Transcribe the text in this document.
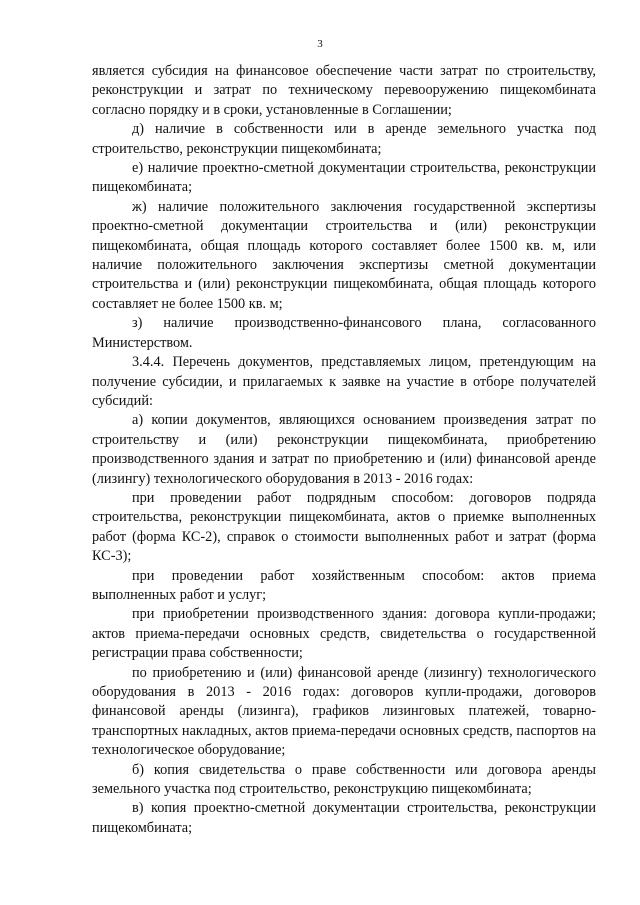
3

является субсидия на финансовое обеспечение части затрат по строительству, реконструкции и затрат по техническому перевооружению пищекомбината согласно порядку и в сроки, установленные в Соглашении;

д) наличие в собственности или в аренде земельного участка под строительство, реконструкции пищекомбината;

е) наличие проектно-сметной документации строительства, реконструкции пищекомбината;

ж) наличие положительного заключения государственной экспертизы проектно-сметной документации строительства и (или) реконструкции пищекомбината, общая площадь которого составляет более 1500 кв. м, или наличие положительного заключения экспертизы сметной документации строительства и (или) реконструкции пищекомбината, общая площадь которого составляет не более 1500 кв. м;

з) наличие производственно-финансового плана, согласованного Министерством.

3.4.4. Перечень документов, представляемых лицом, претендующим на получение субсидии, и прилагаемых к заявке на участие в отборе получателей субсидий:

а) копии документов, являющихся основанием произведения затрат по строительству и (или) реконструкции пищекомбината, приобретению производственного здания и затрат по приобретению и (или) финансовой аренде (лизингу) технологического оборудования в 2013 - 2016 годах:

при проведении работ подрядным способом: договоров подряда строительства, реконструкции пищекомбината, актов о приемке выполненных работ (форма КС-2), справок о стоимости выполненных работ и затрат (форма КС-3);

при проведении работ хозяйственным способом: актов приема выполненных работ и услуг;

при приобретении производственного здания: договора купли-продажи; актов приема-передачи основных средств, свидетельства о государственной регистрации права собственности;

по приобретению и (или) финансовой аренде (лизингу) технологического оборудования в 2013 - 2016 годах: договоров купли-продажи, договоров финансовой аренды (лизинга), графиков лизинговых платежей, товарно-транспортных накладных, актов приема-передачи основных средств, паспортов на технологическое оборудование;

б) копия свидетельства о праве собственности или договора аренды земельного участка под строительство, реконструкцию пищекомбината;

в) копия проектно-сметной документации строительства, реконструкции пищекомбината;
